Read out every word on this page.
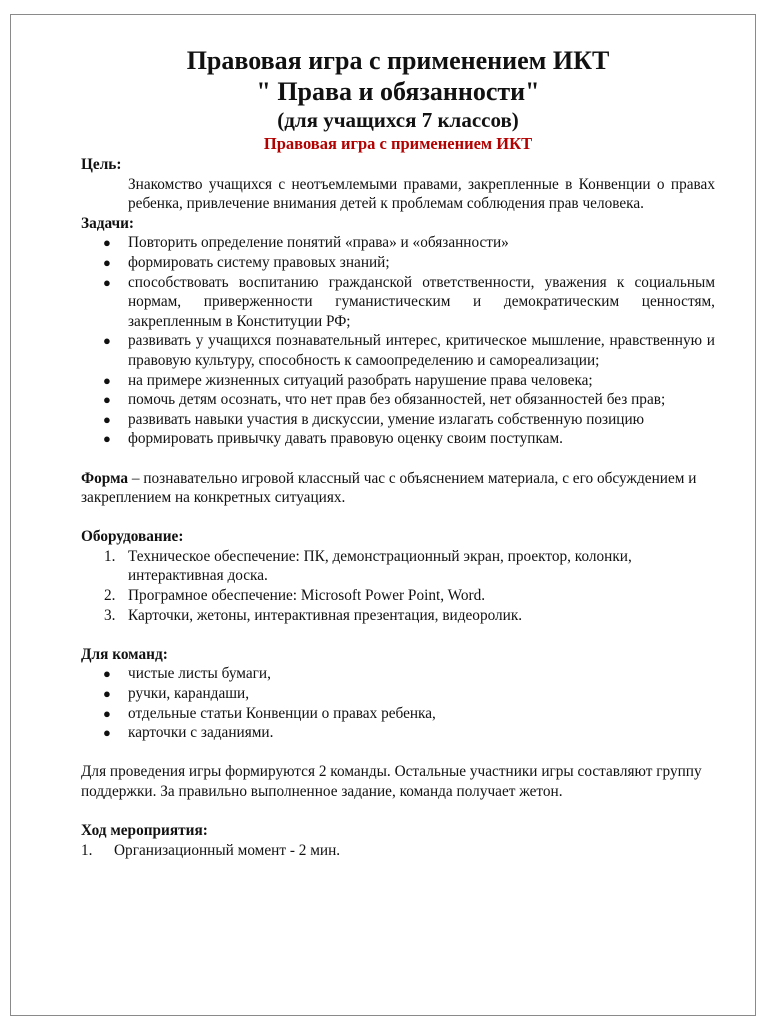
Правовая игра с применением ИКТ
" Права и обязанности"
(для учащихся 7 классов)
Правовая игра с применением ИКТ
Цель:
Знакомство учащихся с неотъемлемыми правами, закрепленные в Конвенции о правах ребенка, привлечение внимания детей к проблемам соблюдения прав человека.
Задачи:
● Повторить определение понятий «права» и «обязанности»
● формировать систему правовых знаний;
● способствовать воспитанию гражданской ответственности, уважения к социальным нормам, приверженности гуманистическим и демократическим ценностям, закрепленным в Конституции РФ;
● развивать у учащихся познавательный интерес, критическое мышление, нравственную и правовую культуру, способность к самоопределению и самореализации;
● на примере жизненных ситуаций разобрать нарушение права человека;
● помочь детям осознать, что нет прав без обязанностей, нет обязанностей без прав;
● развивать навыки участия в дискуссии, умение излагать собственную позицию
● формировать привычку давать правовую оценку своим поступкам.
Форма – познавательно игровой классный час с объяснением материала, с его обсуждением и закреплением на конкретных ситуациях.
Оборудование:
1. Техническое обеспечение: ПК, демонстрационный экран, проектор, колонки, интерактивная доска.
2. Програмное обеспечение: Microsoft Power Point, Word.
3. Карточки, жетоны, интерактивная презентация, видеоролик.
Для команд:
● чистые листы бумаги,
● ручки, карандаши,
● отдельные статьи Конвенции о правах ребенка,
● карточки с заданиями.
Для проведения игры формируются 2 команды. Остальные участники игры составляют группу поддержки. За правильно выполненное задание, команда получает жетон.
Ход мероприятия:
1. Организационный момент - 2 мин.
